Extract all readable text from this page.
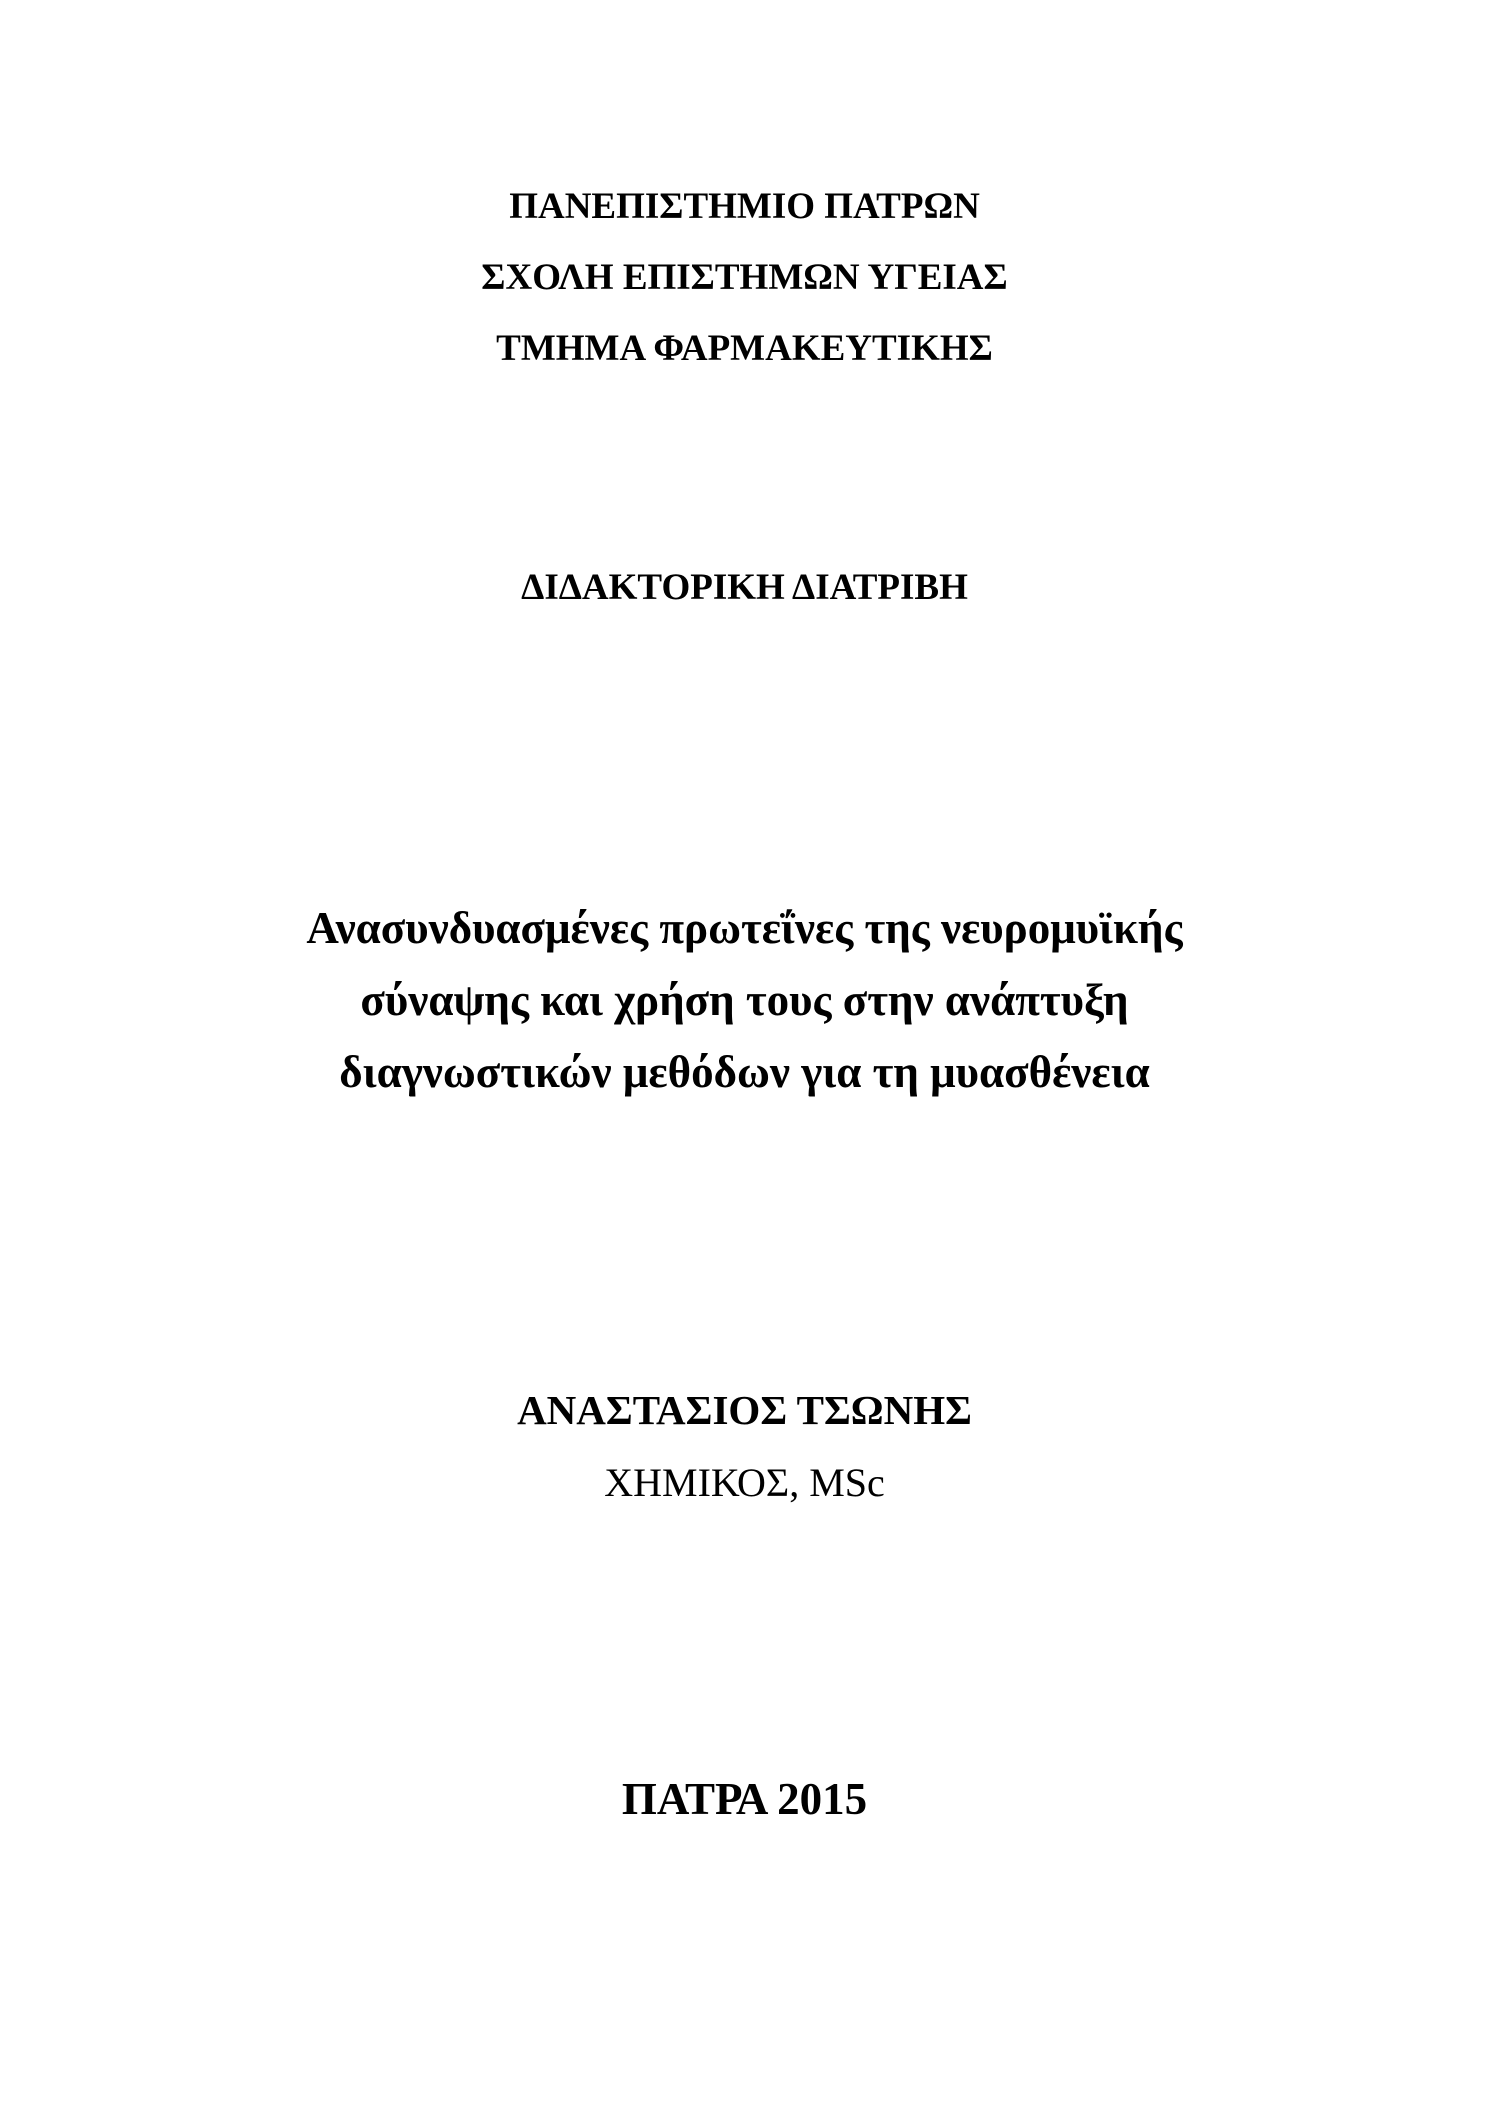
ΠΑΝΕΠΙΣΤΗΜΙΟ ΠΑΤΡΩΝ
ΣΧΟΛΗ ΕΠΙΣΤΗΜΩΝ ΥΓΕΙΑΣ
ΤΜΗΜΑ ΦΑΡΜΑΚΕΥΤΙΚΗΣ
ΔΙΔΑΚΤΟΡΙΚΗ ΔΙΑΤΡΙΒΗ
Ανασυνδυασμένες πρωτεΐνες της νευρομυϊκής
σύναψης και χρήση τους στην ανάπτυξη
διαγνωστικών μεθόδων για τη μυασθένεια
ΑΝΑΣΤΑΣΙΟΣ ΤΣΩΝΗΣ
ΧΗΜΙΚΟΣ, MSc
ΠΑΤΡΑ 2015
